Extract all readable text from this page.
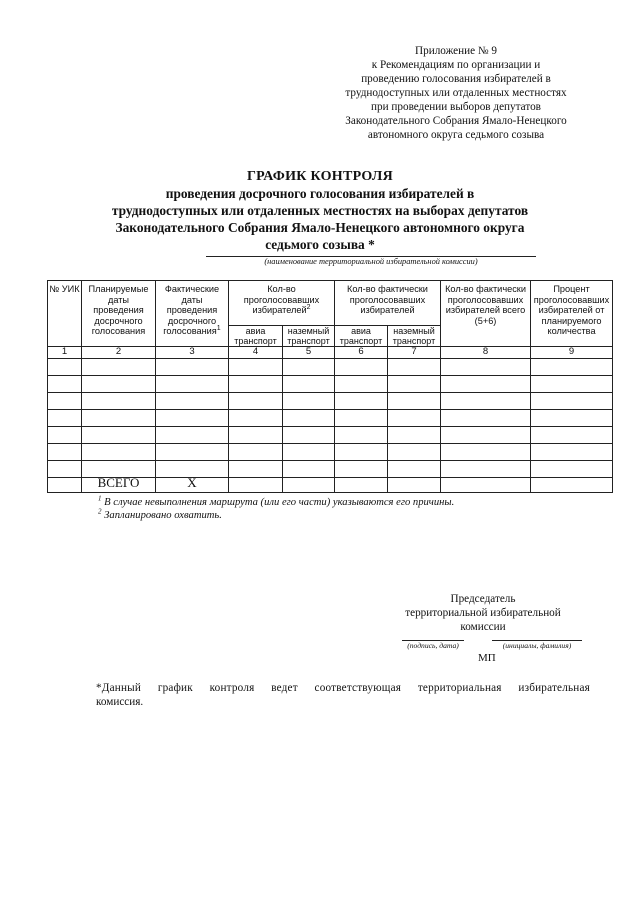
Приложение № 9
к Рекомендациям по организации и
проведению голосования избирателей в
труднодоступных или отдаленных местностях
при проведении выборов депутатов
Законодательного Собрания Ямало-Ненецкого
автономного округа седьмого созыва
ГРАФИК КОНТРОЛЯ
проведения досрочного голосования избирателей в
труднодоступных или отдаленных местностях на выборах депутатов
Законодательного Собрания Ямало-Ненецкого автономного округа
седьмого созыва *
(наименование территориальной избирательной комиссии)
№ УИК	Планируемые даты проведения досрочного голосования	Фактические даты проведения досрочного голосования$^1$	Кол-во проголосовавших избирателей$^2$		Кол-во фактически проголосовавших избирателей		Кол-во фактически проголосовавших избирателей всего (5+6)	Процент проголосовавших избирателей от планируемого количества
			авиа транспорт	наземный транспорт	авиа транспорт	наземный транспорт		
1	2	3	4	5	6	7	8	9

	ВСЕГО	Х						
$^1$ В случае невыполнения маршрута (или его части) указываются его причины.
$^2$ Запланировано охватить.
Председатель
территориальной избирательной
комиссии
(подпись, дата)	(инициалы, фамилия)
МП
*Данный график контроля ведет соответствующая территориальная избирательная
комиссия.
